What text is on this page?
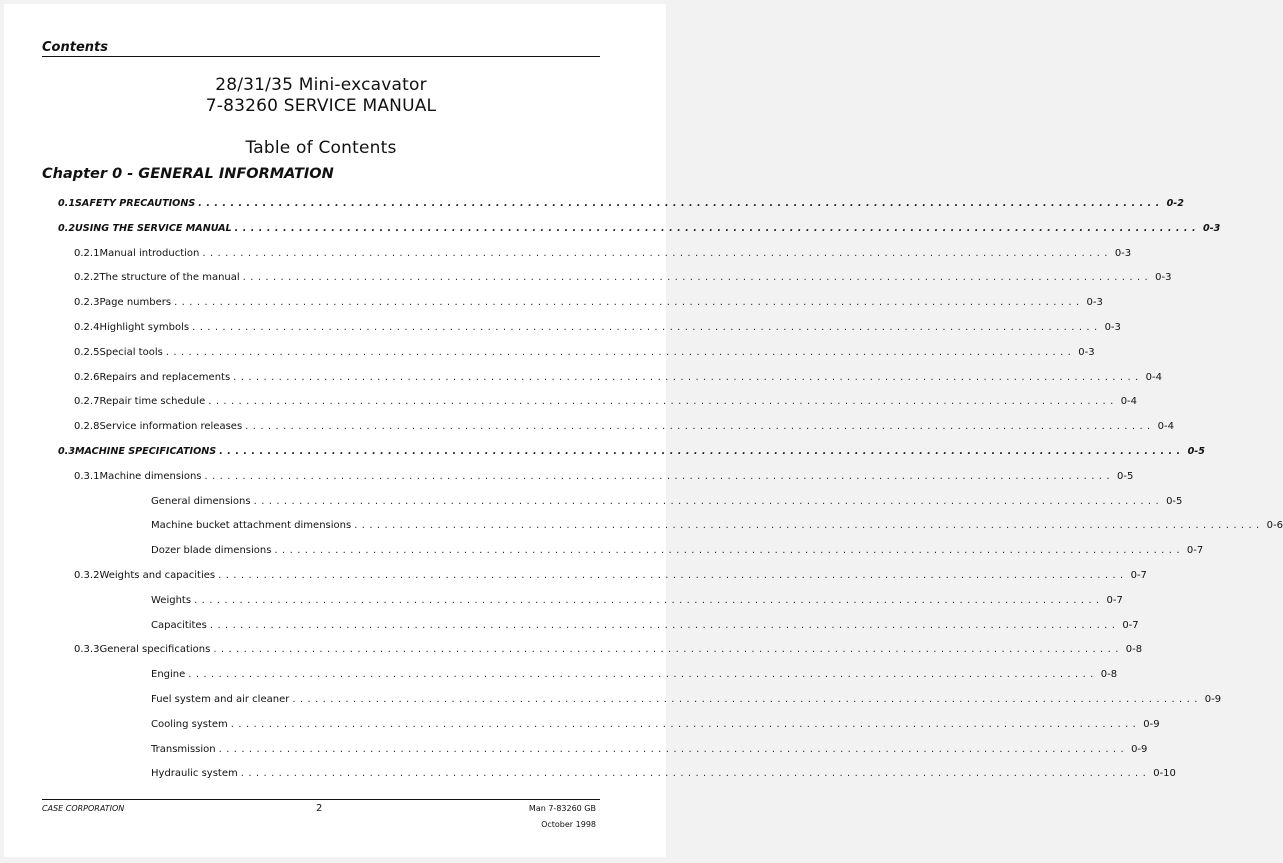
Contents
28/31/35 Mini-excavator
7-83260 SERVICE MANUAL
Table of Contents
Chapter 0 - GENERAL INFORMATION
0.1 SAFETY PRECAUTIONS ........................................................................................................................ 0-2
0.2 USING THE SERVICE MANUAL ........................................................................................................................ 0-3
0.2.1 Manual introduction ........................................................................................................................ 0-3
0.2.2 The structure of the manual ........................................................................................................................ 0-3
0.2.3 Page numbers ........................................................................................................................ 0-3
0.2.4 Highlight symbols ........................................................................................................................ 0-3
0.2.5 Special tools ........................................................................................................................ 0-3
0.2.6 Repairs and replacements ........................................................................................................................ 0-4
0.2.7 Repair time schedule ........................................................................................................................ 0-4
0.2.8 Service information releases ........................................................................................................................ 0-4
0.3 MACHINE SPECIFICATIONS ........................................................................................................................ 0-5
0.3.1 Machine dimensions ........................................................................................................................ 0-5
General dimensions ........................................................................................................................ 0-5
Machine bucket attachment dimensions ........................................................................................................................ 0-6
Dozer blade dimensions ........................................................................................................................ 0-7
0.3.2 Weights and capacities ........................................................................................................................ 0-7
Weights ........................................................................................................................ 0-7
Capacitites ........................................................................................................................ 0-7
0.3.3 General specifications ........................................................................................................................ 0-8
Engine ........................................................................................................................ 0-8
Fuel system and air cleaner ........................................................................................................................ 0-9
Cooling system ........................................................................................................................ 0-9
Transmission ........................................................................................................................ 0-9
Hydraulic system ........................................................................................................................ 0-10
CASE CORPORATION	2	Man 7-83260 GB
October 1998
